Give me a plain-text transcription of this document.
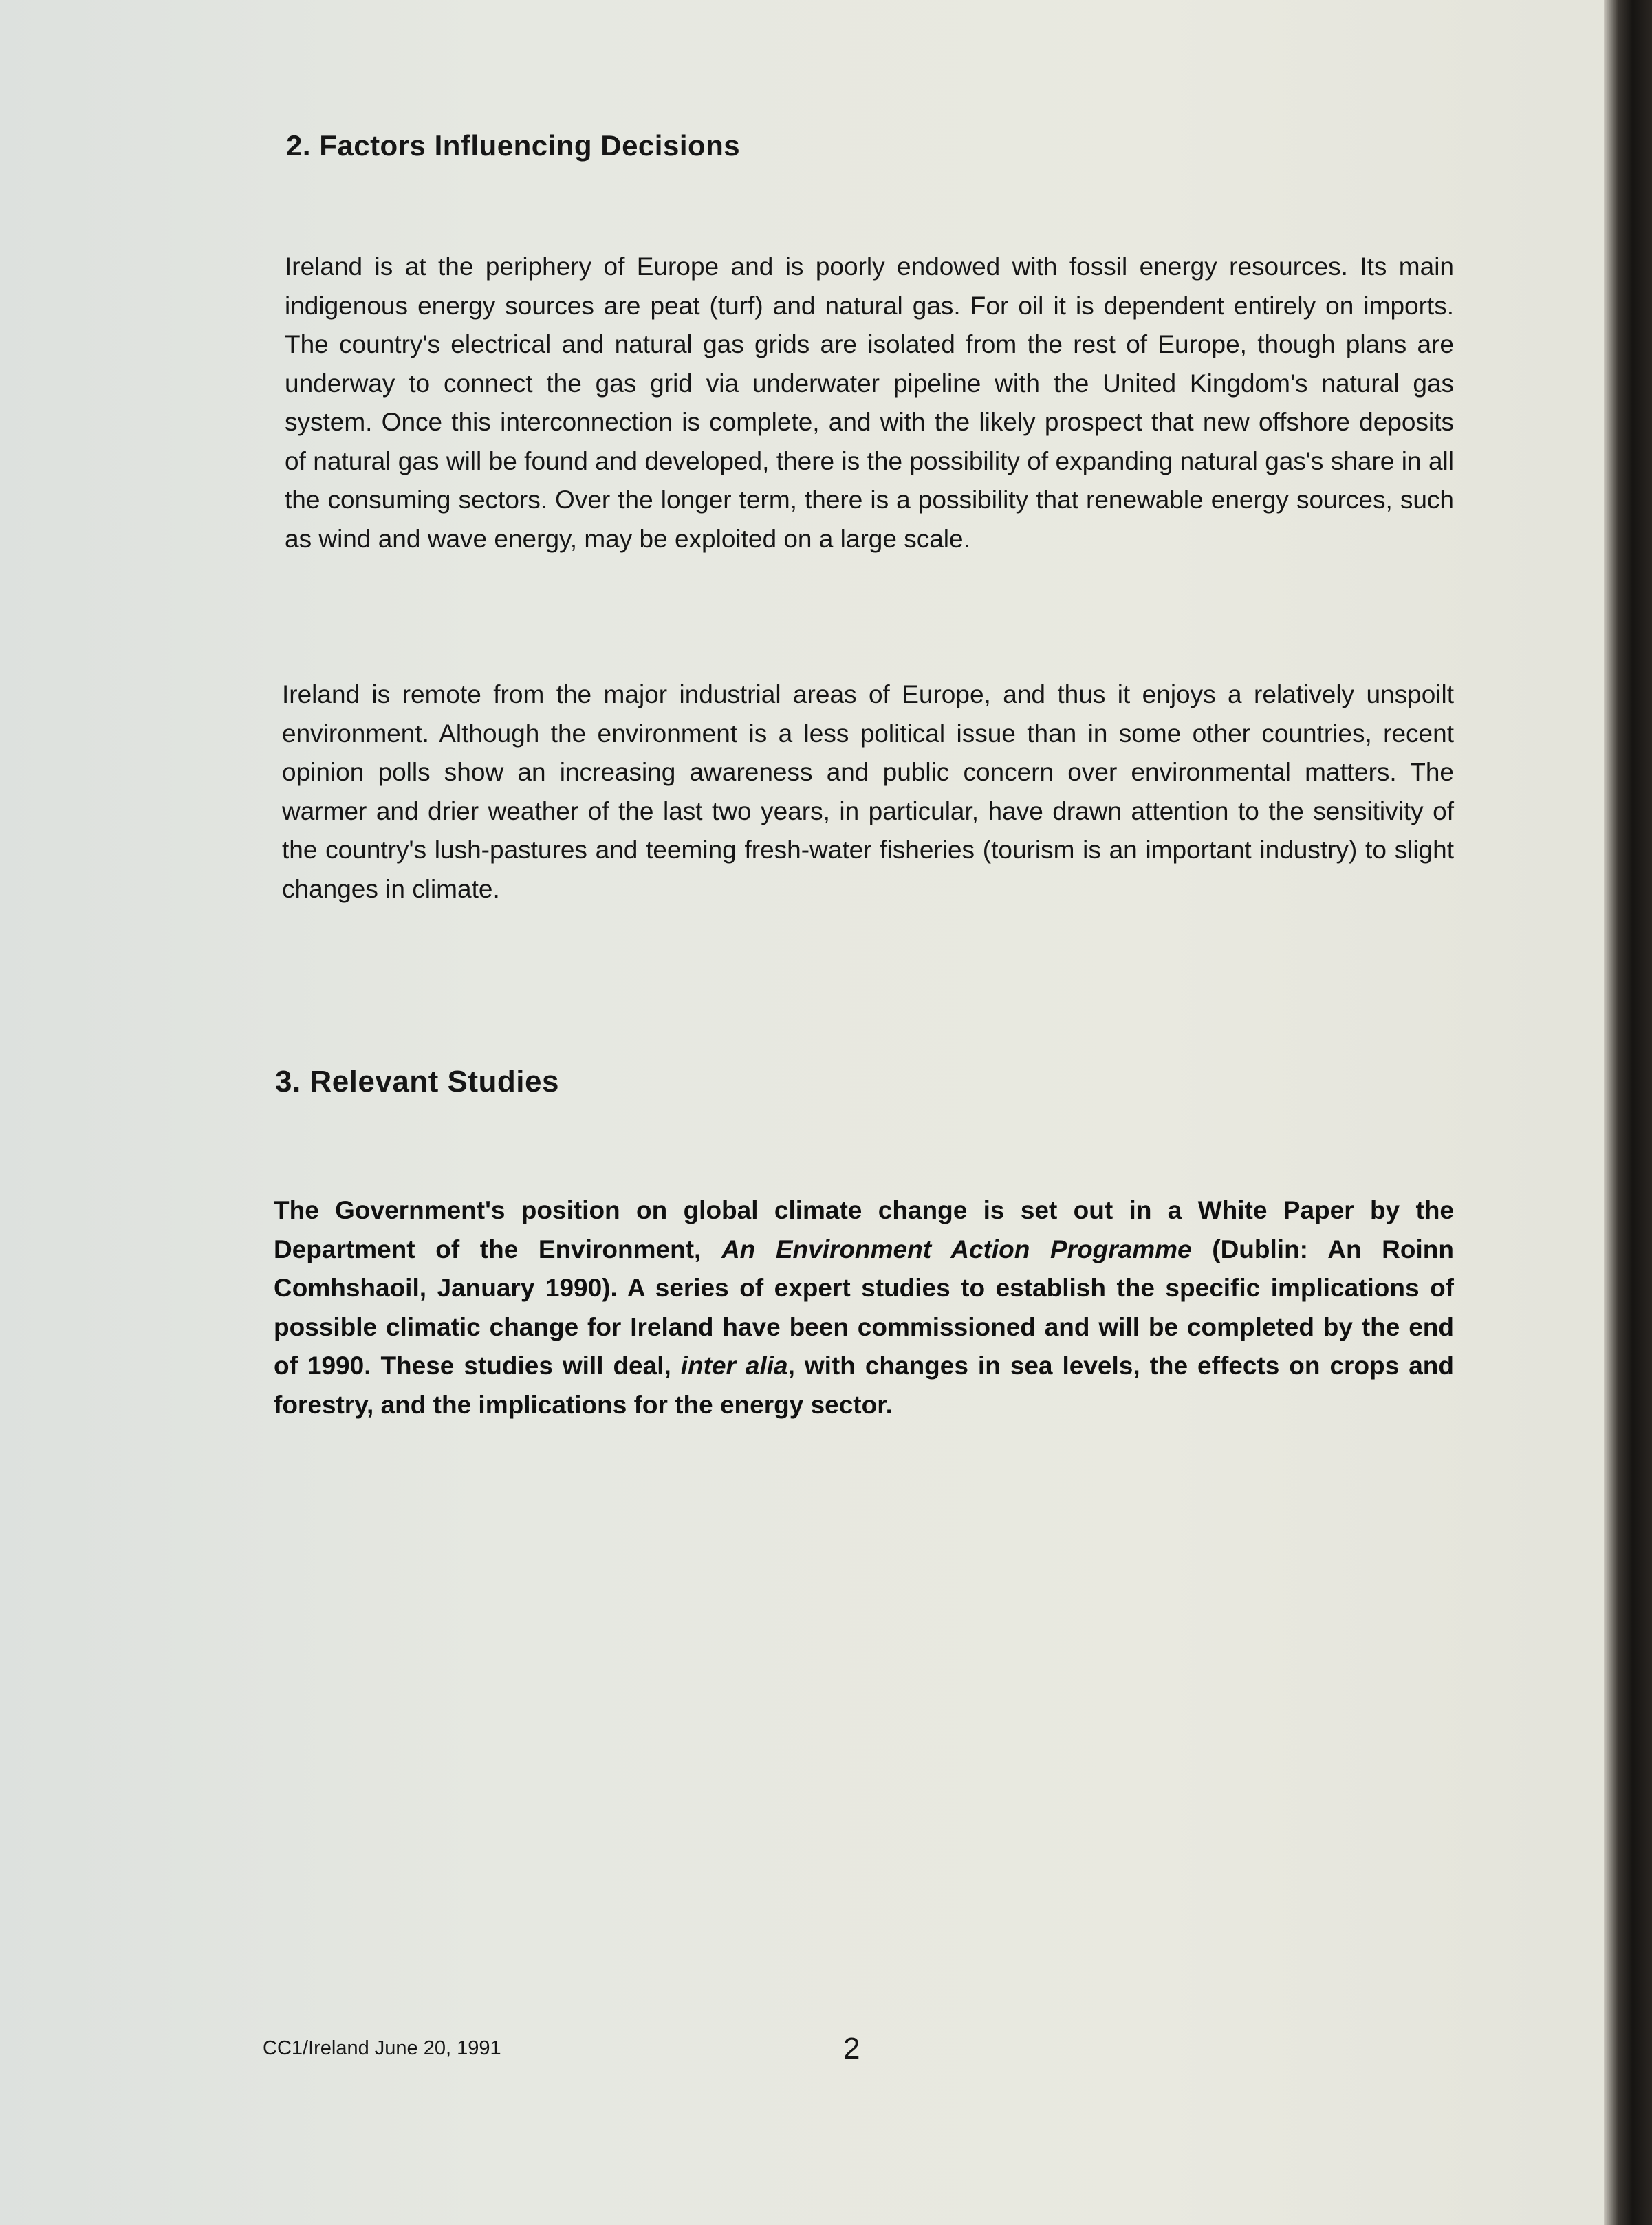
2. Factors Influencing Decisions

Ireland is at the periphery of Europe and is poorly endowed with fossil energy resources. Its main indigenous energy sources are peat (turf) and natural gas. For oil it is dependent entirely on imports. The country's electrical and natural gas grids are isolated from the rest of Europe, though plans are underway to connect the gas grid via underwater pipeline with the United Kingdom's natural gas system. Once this interconnection is complete, and with the likely prospect that new offshore deposits of natural gas will be found and developed, there is the possibility of expanding natural gas's share in all the consuming sectors. Over the longer term, there is a possibility that renewable energy sources, such as wind and wave energy, may be exploited on a large scale.

Ireland is remote from the major industrial areas of Europe, and thus it enjoys a relatively unspoilt environment. Although the environment is a less political issue than in some other countries, recent opinion polls show an increasing awareness and public concern over environmental matters. The warmer and drier weather of the last two years, in particular, have drawn attention to the sensitivity of the country's lush-pastures and teeming fresh-water fisheries (tourism is an important industry) to slight changes in climate.

3. Relevant Studies

The Government's position on global climate change is set out in a White Paper by the Department of the Environment, An Environment Action Programme (Dublin: An Roinn Comhshaoil, January 1990). A series of expert studies to establish the specific implications of possible climatic change for Ireland have been commissioned and will be completed by the end of 1990. These studies will deal, inter alia, with changes in sea levels, the effects on crops and forestry, and the implications for the energy sector.

CC1/Ireland June 20, 1991	2
